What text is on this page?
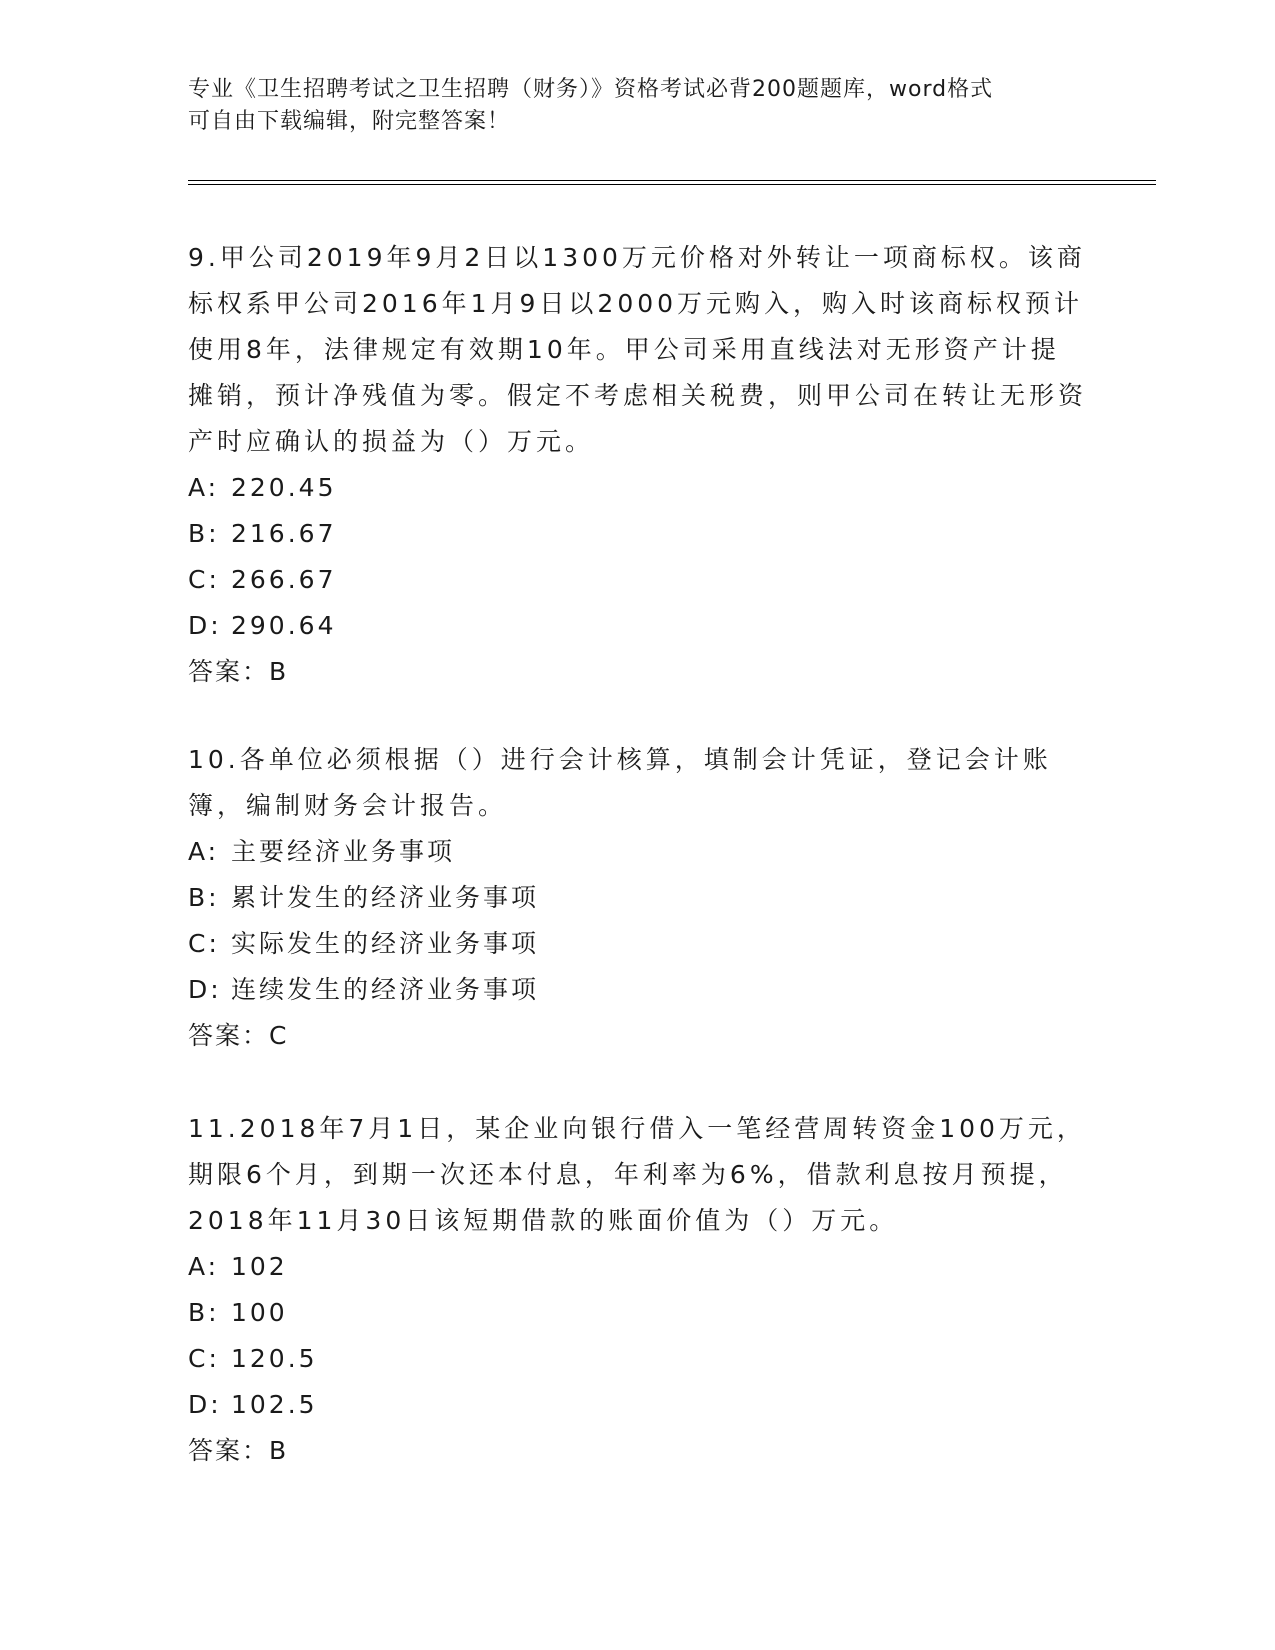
专业《卫生招聘考试之卫生招聘（财务）》资格考试必背200题题库，word格式
可自由下载编辑，附完整答案！

9.甲公司2019年9月2日以1300万元价格对外转让一项商标权。该商标权系甲公司2016年1月9日以2000万元购入，购入时该商标权预计使用8年，法律规定有效期10年。甲公司采用直线法对无形资产计提摊销，预计净残值为零。假定不考虑相关税费，则甲公司在转让无形资产时应确认的损益为（）万元。

A: 220.45

B: 216.67

C: 266.67

D: 290.64

答案：B

10.各单位必须根据（）进行会计核算，填制会计凭证，登记会计账簿，编制财务会计报告。

A: 主要经济业务事项

B: 累计发生的经济业务事项

C: 实际发生的经济业务事项

D: 连续发生的经济业务事项

答案：C

11.2018年7月1日，某企业向银行借入一笔经营周转资金100万元，期限6个月，到期一次还本付息，年利率为6%，借款利息按月预提，2018年11月30日该短期借款的账面价值为（）万元。

A: 102

B: 100

C: 120.5

D: 102.5

答案：B
